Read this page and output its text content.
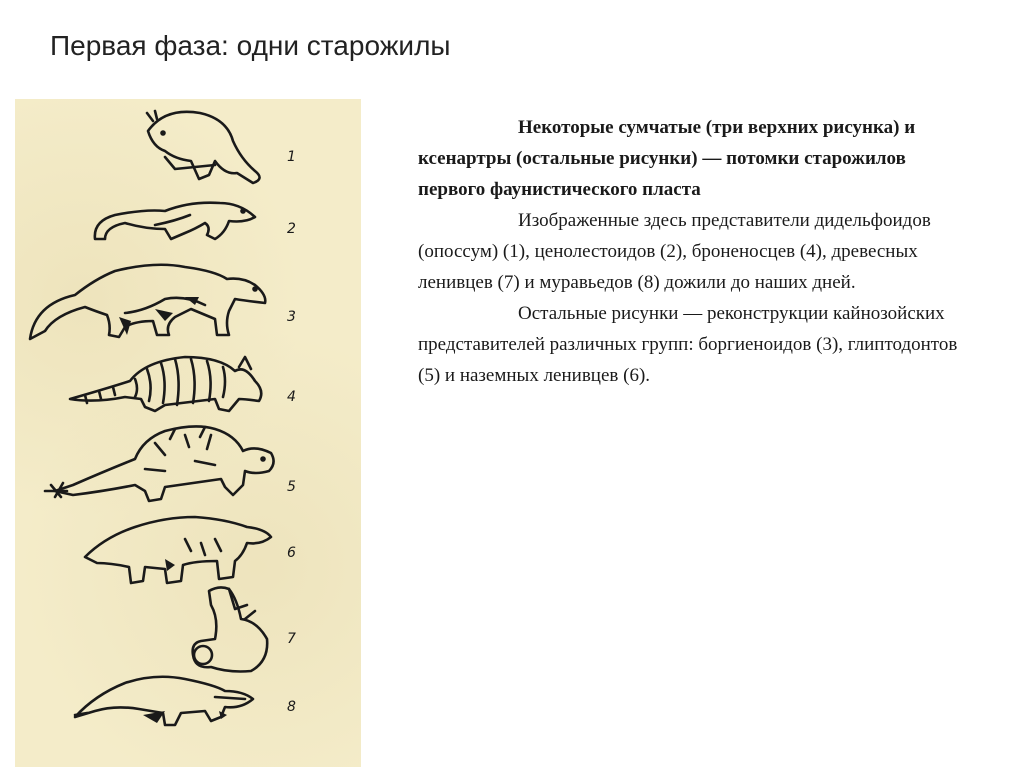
Первая фаза: одни старожилы
1
2
3
4
5
6
7
8

Некоторые сумчатые (три верхних рисунка) и ксенартры (остальные рисунки) — потомки старожилов первого фаунистического пласта

Изображенные здесь представители дидельфоидов (опоссум) (1), ценолестоидов (2), броненосцев (4), древесных ленивцев (7) и муравьедов (8) дожили до наших дней.

Остальные рисунки — реконструкции кайнозойских представителей различных групп: боргиеноидов (3), глиптодонтов (5) и наземных ленивцев (6).
